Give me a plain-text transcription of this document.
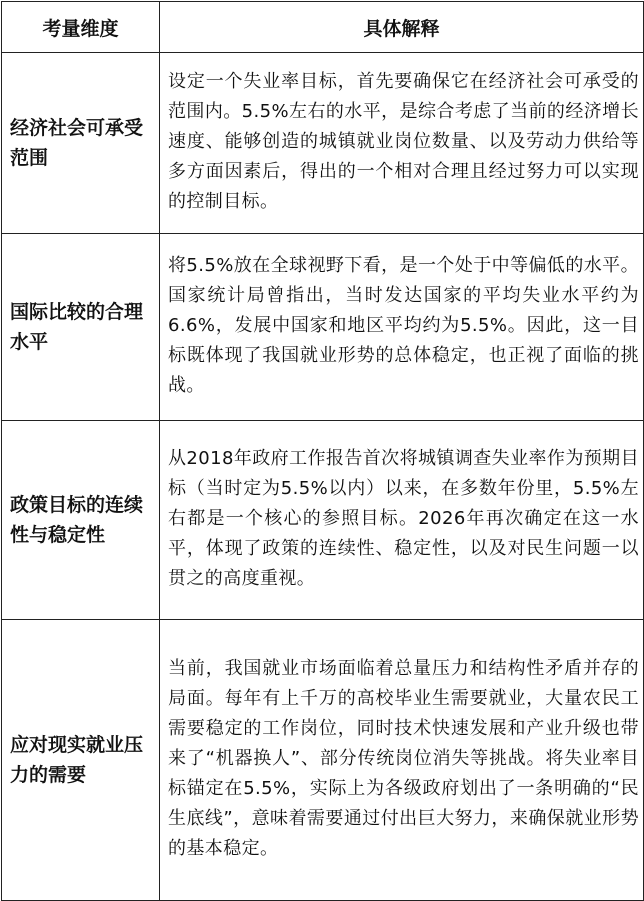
考量维度	具体解释
经济社会可承受范围	设定一个失业率目标，首先要确保它在经济社会可承受的范围内。5.5%左右的水平，是综合考虑了当前的经济增长速度、能够创造的城镇就业岗位数量、以及劳动力供给等多方面因素后，得出的一个相对合理且经过努力可以实现的控制目标。
国际比较的合理水平	将5.5%放在全球视野下看，是一个处于中等偏低的水平。国家统计局曾指出，当时发达国家的平均失业水平约为6.6%，发展中国家和地区平均约为5.5%。因此，这一目标既体现了我国就业形势的总体稳定，也正视了面临的挑战。
政策目标的连续性与稳定性	从2018年政府工作报告首次将城镇调查失业率作为预期目标（当时定为5.5%以内）以来，在多数年份里，5.5%左右都是一个核心的参照目标。2026年再次确定在这一水平，体现了政策的连续性、稳定性，以及对民生问题一以贯之的高度重视。
应对现实就业压力的需要	当前，我国就业市场面临着总量压力和结构性矛盾并存的局面。每年有上千万的高校毕业生需要就业，大量农民工需要稳定的工作岗位，同时技术快速发展和产业升级也带来了“机器换人”、部分传统岗位消失等挑战。将失业率目标锚定在5.5%，实际上为各级政府划出了一条明确的“民生底线”，意味着需要通过付出巨大努力，来确保就业形势的基本稳定。
